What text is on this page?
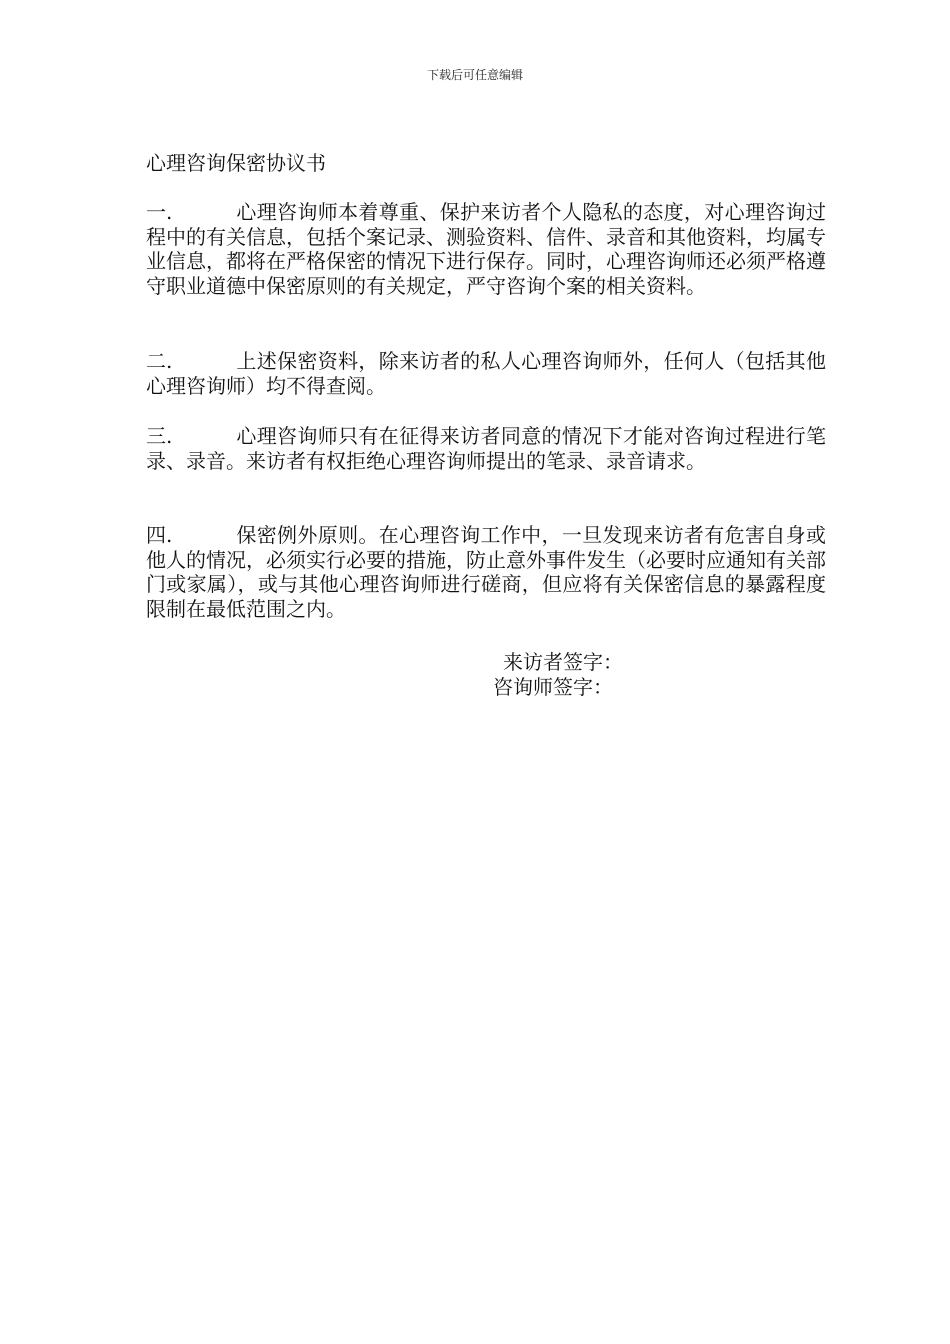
下载后可任意编辑
心理咨询保密协议书
一.	心理咨询师本着尊重、保护来访者个人隐私的态度，对心理咨询过程中的有关信息，包括个案记录、测验资料、信件、录音和其他资料，均属专业信息，都将在严格保密的情况下进行保存。同时，心理咨询师还必须严格遵守职业道德中保密原则的有关规定，严守咨询个案的相关资料。
二.	上述保密资料，除来访者的私人心理咨询师外，任何人（包括其他心理咨询师）均不得查阅。
三.	心理咨询师只有在征得来访者同意的情况下才能对咨询过程进行笔录、录音。来访者有权拒绝心理咨询师提出的笔录、录音请求。
四.	保密例外原则。在心理咨询工作中，一旦发现来访者有危害自身或他人的情况，必须实行必要的措施，防止意外事件发生（必要时应通知有关部门或家属），或与其他心理咨询师进行磋商，但应将有关保密信息的暴露程度限制在最低范围之内。
来访者签字：
咨询师签字：
